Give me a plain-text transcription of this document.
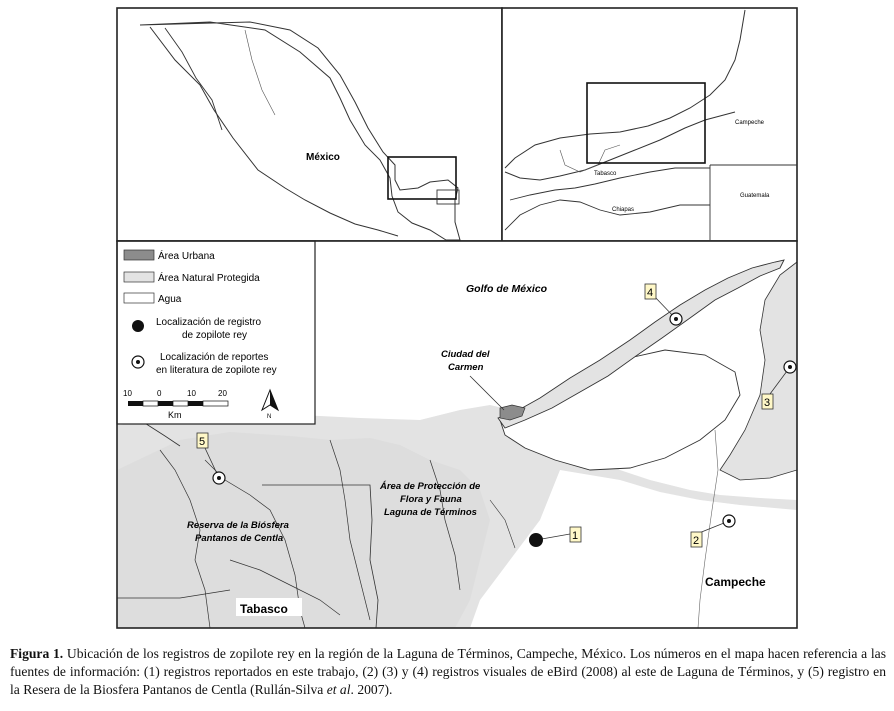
México
Campeche
Tabasco
Chiapas
Guatemala
Golfo de México
Ciudad del
Carmen
Área de Protección de
Flora y Fauna
Laguna de Términos
Reserva de la Biósfera
Pantanos de Centla
Campeche
Tabasco
1	2
3
4
5
Área Urbana
Área Natural Protegida
Agua
Localización de registro
de zopilote rey
Localización de reportes
en literatura de zopilote rey
10	0	10	20
Km	N
Figura 1. Ubicación de los registros de zopilote rey en la región de la Laguna de Términos, Campeche, México. Los números en el mapa hacen referencia a las fuentes de información: (1) registros reportados en este trabajo, (2) (3) y (4) registros visuales de eBird (2008) al este de Laguna de Términos, y (5) registro en la Resera de la Biosfera Pantanos de Centla (Rullán-Silva et al. 2007).
